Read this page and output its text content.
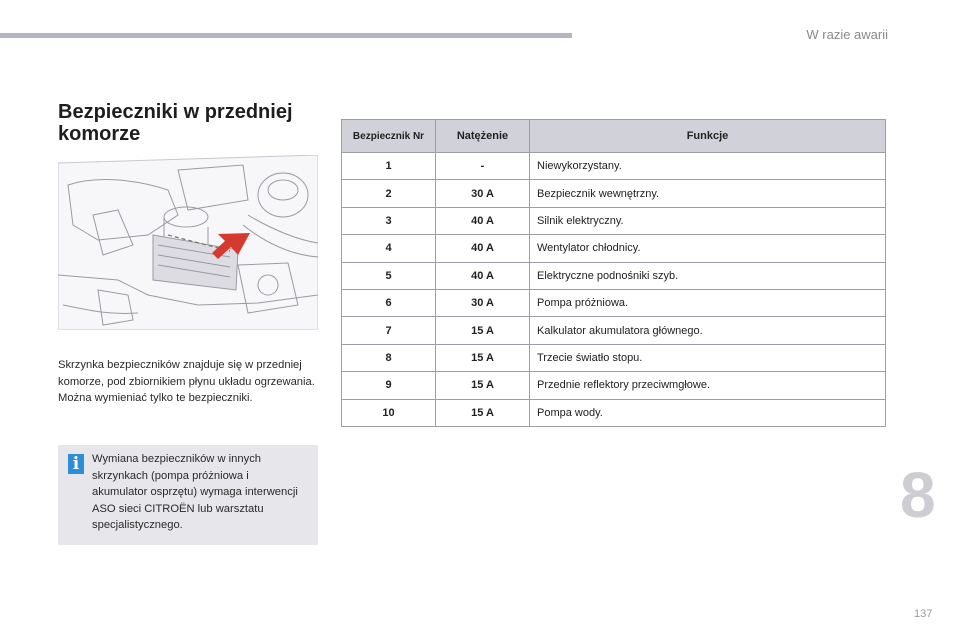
W razie awarii
Bezpieczniki w przedniej
komorze
Skrzynka bezpieczników znajduje się w przedniej komorze, pod zbiornikiem płynu układu ogrzewania. Można wymieniać tylko te bezpieczniki.
i	Wymiana bezpieczników w innych skrzynkach (pompa próżniowa i akumulator osprzętu) wymaga interwencji ASO sieci CITROËN lub warsztatu specjalistycznego.
Bezpiecznik Nr	Natężenie	Funkcje
1	-	Niewykorzystany.
2	30 A	Bezpiecznik wewnętrzny.
3	40 A	Silnik elektryczny.
4	40 A	Wentylator chłodnicy.
5	40 A	Elektryczne podnośniki szyb.
6	30 A	Pompa próżniowa.
7	15 A	Kalkulator akumulatora głównego.
8	15 A	Trzecie światło stopu.
9	15 A	Przednie reflektory przeciwmgłowe.
10	15 A	Pompa wody.
8
137
